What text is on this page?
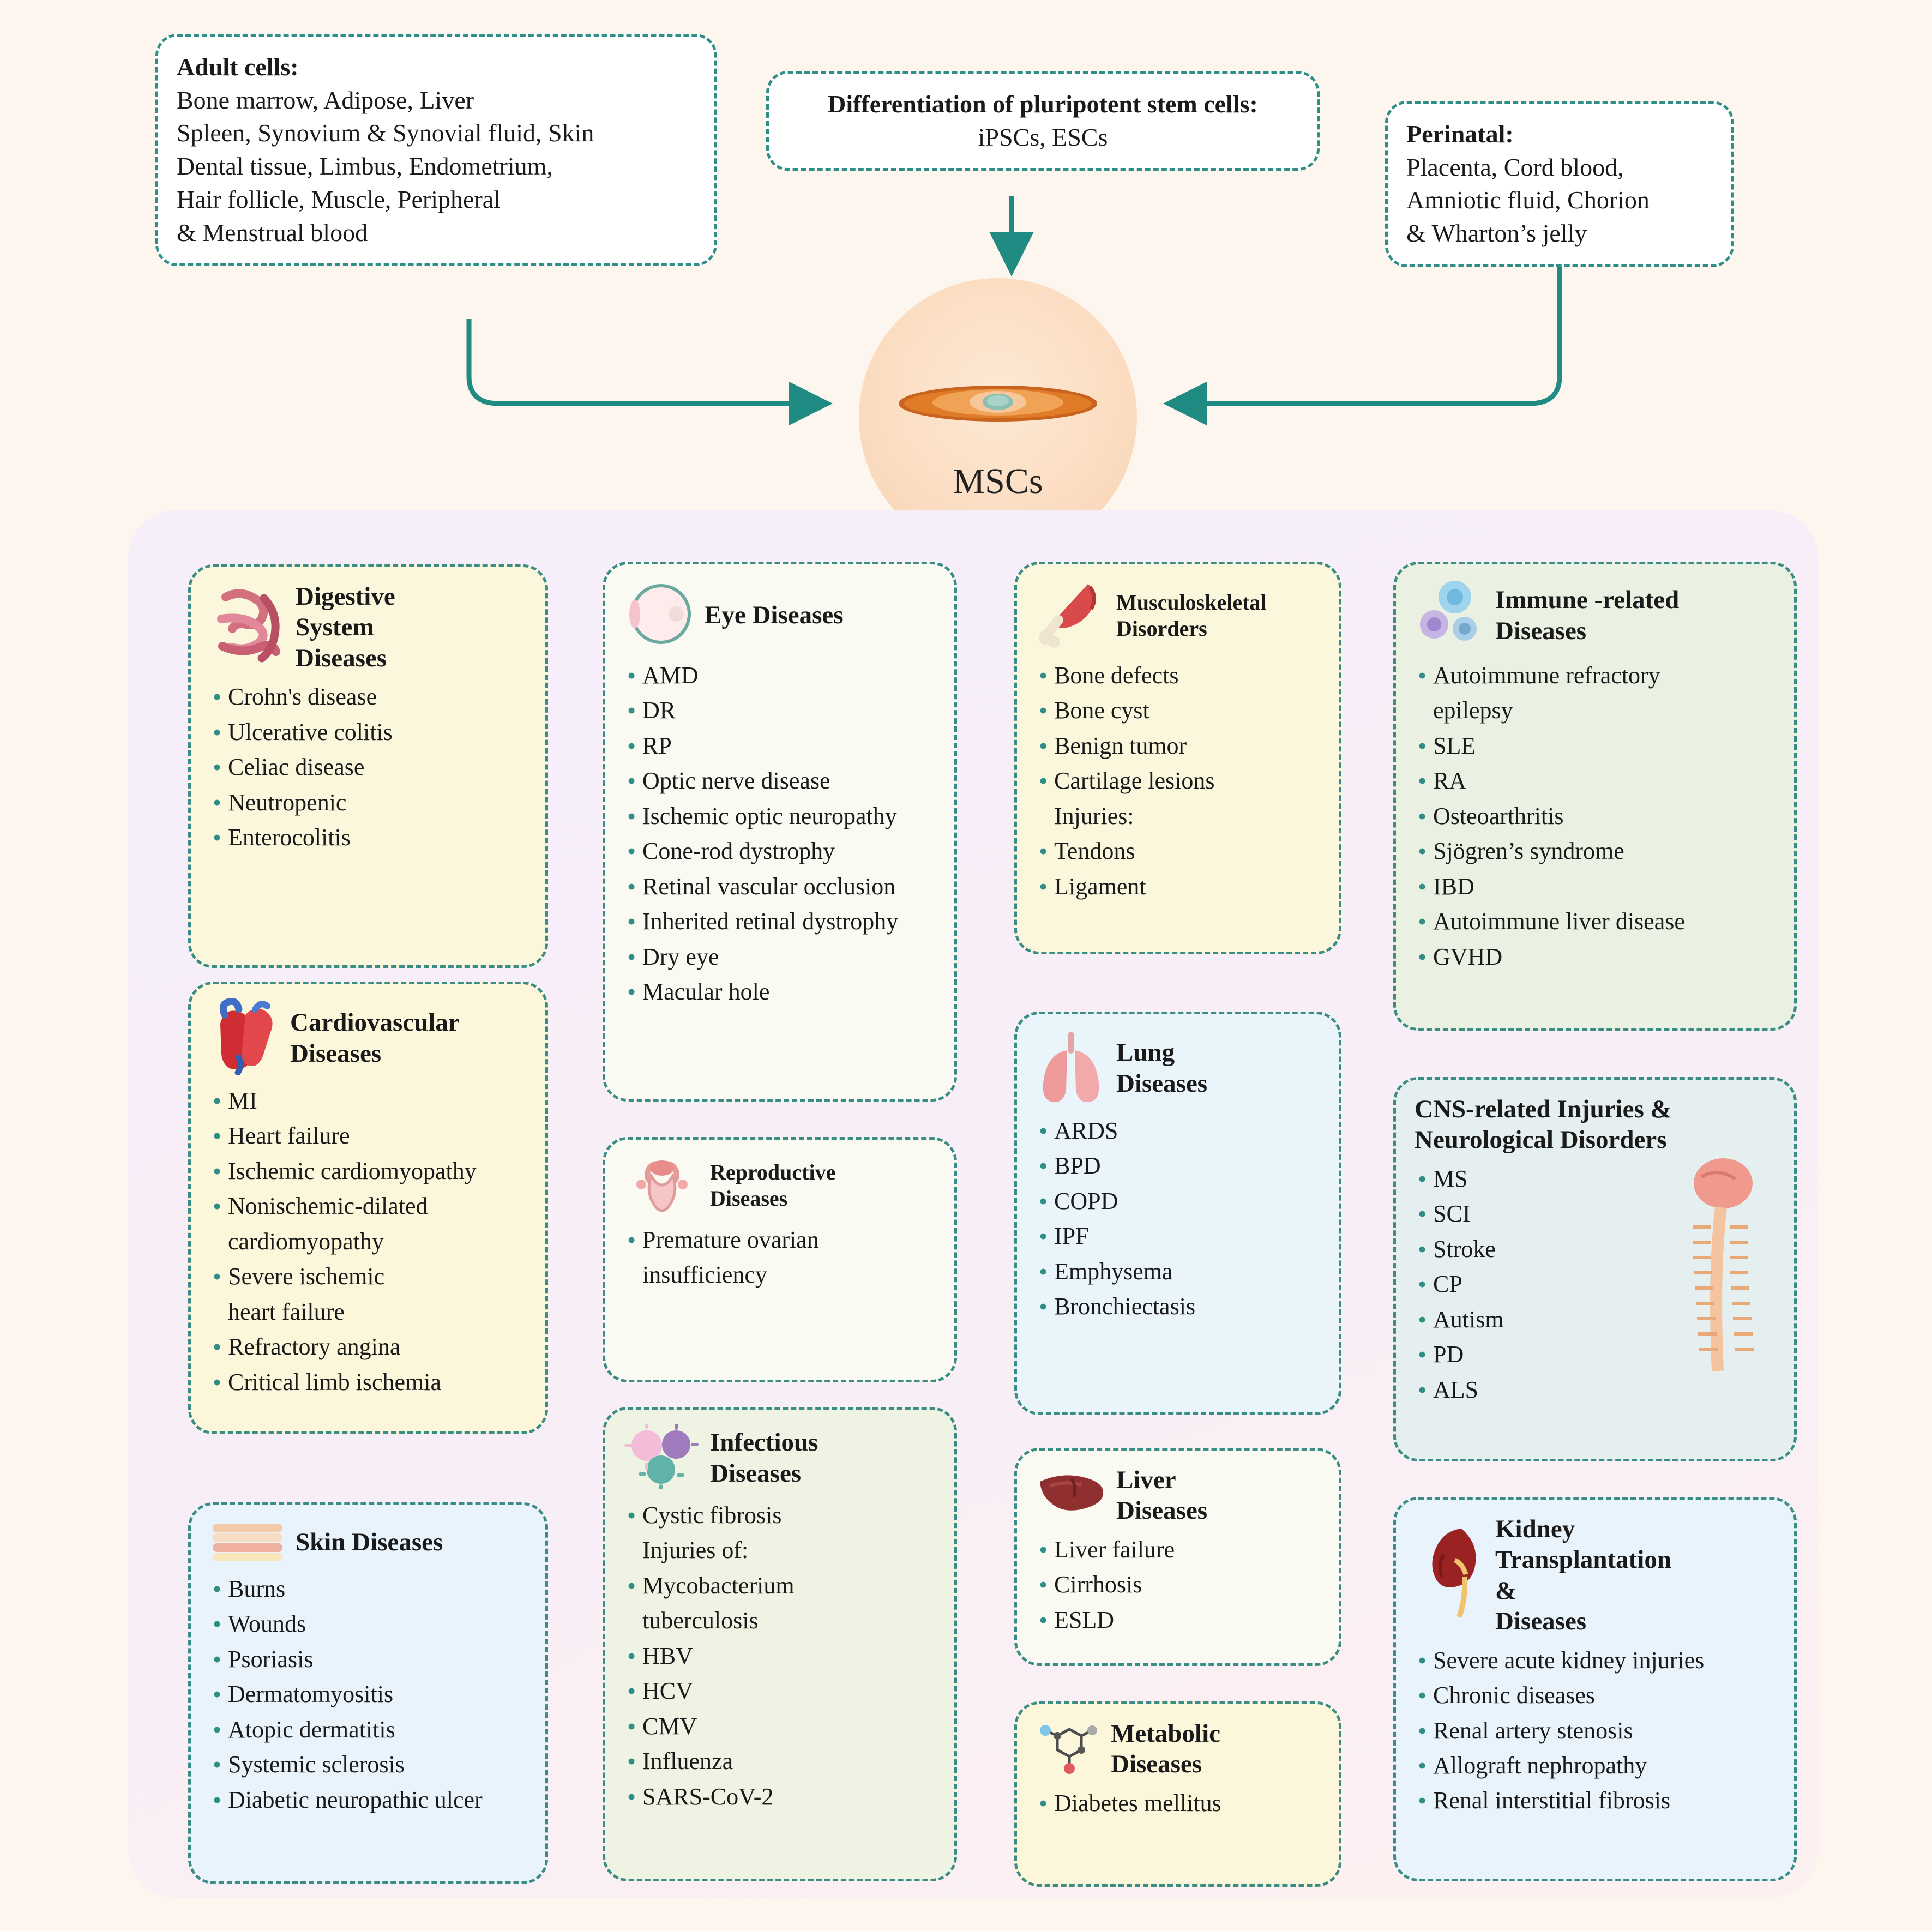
Adult cells:
Bone marrow, Adipose, Liver
Spleen, Synovium & Synovial fluid, Skin
Dental tissue, Limbus, Endometrium,
Hair follicle, Muscle, Peripheral
& Menstrual blood
Differentiation of pluripotent stem cells:
iPSCs, ESCs	Perinatal:
Placenta, Cord blood,
Amniotic fluid, Chorion
& Wharton’s jelly
MSCs
Digestive
System
Diseases
• Crohn's disease
• Ulcerative colitis
• Celiac disease
• Neutropenic
• Enterocolitis
Cardiovascular
Diseases
• MI
• Heart failure
• Ischemic cardiomyopathy
• Nonischemic-dilated
cardiomyopathy
• Severe ischemic
heart failure
• Refractory angina
• Critical limb ischemia
Skin Diseases
• Burns
• Wounds
• Psoriasis
• Dermatomyositis
• Atopic dermatitis
• Systemic sclerosis
• Diabetic neuropathic ulcer
Eye Diseases
• AMD
• DR
• RP
• Optic nerve disease
• Ischemic optic neuropathy
• Cone-rod dystrophy
• Retinal vascular occlusion
• Inherited retinal dystrophy
• Dry eye
• Macular hole
Reproductive
Diseases
• Premature ovarian
insufficiency
Infectious
Diseases
• Cystic fibrosis
Injuries of:
• Mycobacterium
tuberculosis
• HBV
• HCV
• CMV
• Influenza
• SARS-CoV-2
Musculoskeletal
Disorders
• Bone defects
• Bone cyst
• Benign tumor
• Cartilage lesions
Injuries:
• Tendons
• Ligament
Lung
Diseases
• ARDS
• BPD
• COPD
• IPF
• Emphysema
• Bronchiectasis
Liver
Diseases
• Liver failure
• Cirrhosis
• ESLD
Metabolic
Diseases
• Diabetes mellitus
Immune -related
Diseases
• Autoimmune refractory
epilepsy
• SLE
• RA
• Osteoarthritis
• Sjögren’s syndrome
• IBD
• Autoimmune liver disease
• GVHD
CNS-related Injuries &
Neurological Disorders
• MS
• SCI
• Stroke
• CP
• Autism
• PD
• ALS
Kidney
Transplantation
&
Diseases
• Severe acute kidney injuries
• Chronic diseases
• Renal artery stenosis
• Allograft nephropathy
• Renal interstitial fibrosis
